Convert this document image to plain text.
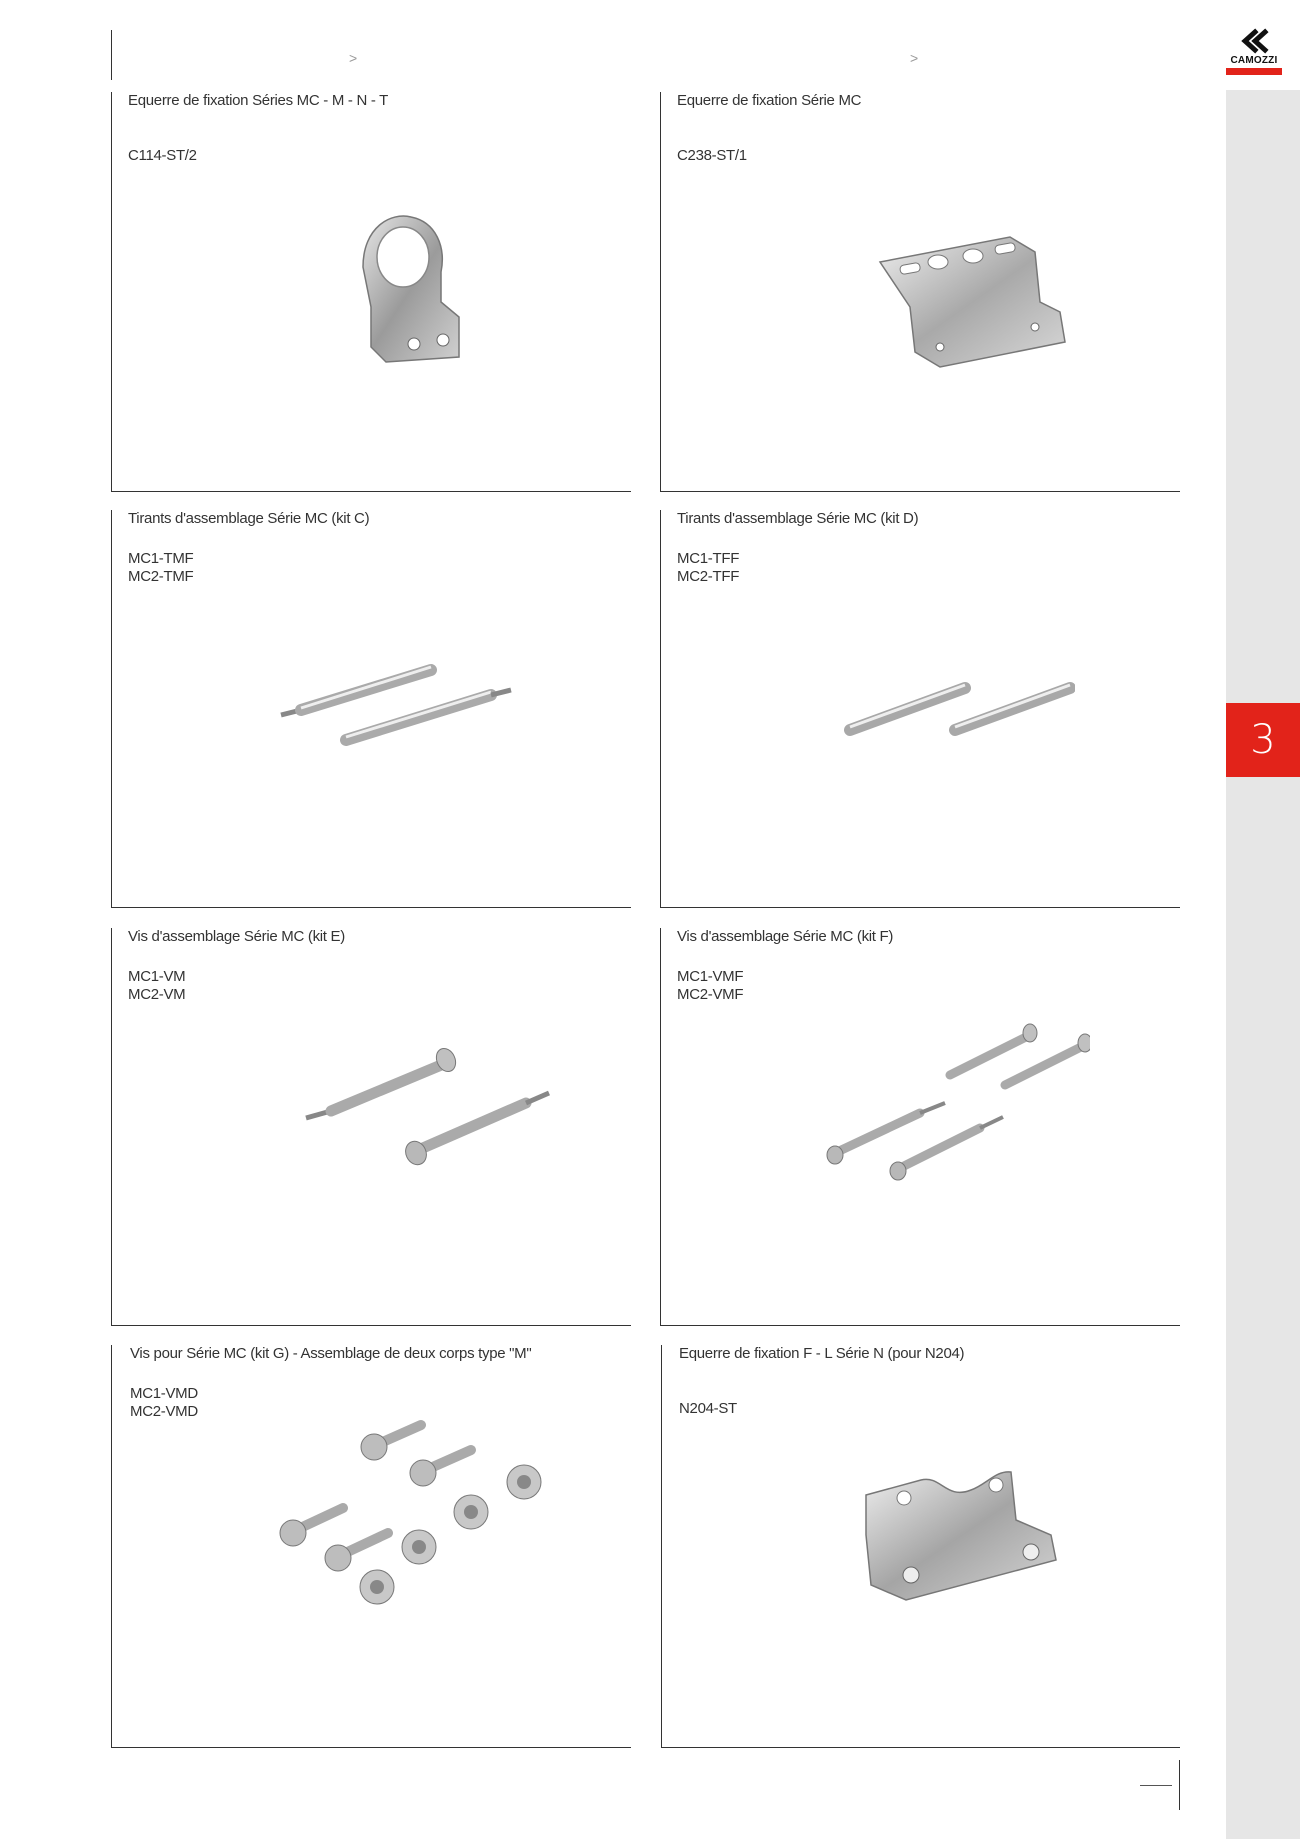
3
CAMOZZI
>	>
Equerre de fixation Séries MC - M - N - T
C114-ST/2
Equerre de fixation Série MC
C238-ST/1
Tirants d'assemblage Série MC (kit C)
MC1-TMF
MC2-TMF
Tirants d'assemblage Série MC (kit D)
MC1-TFF
MC2-TFF
Vis d'assemblage Série MC (kit E)
MC1-VM
MC2-VM
Vis d'assemblage Série MC (kit F)
MC1-VMF
MC2-VMF
Vis pour Série MC (kit G) - Assemblage de deux corps type "M"
MC1-VMD
MC2-VMD
Equerre de fixation F - L Série N (pour N204)
N204-ST
